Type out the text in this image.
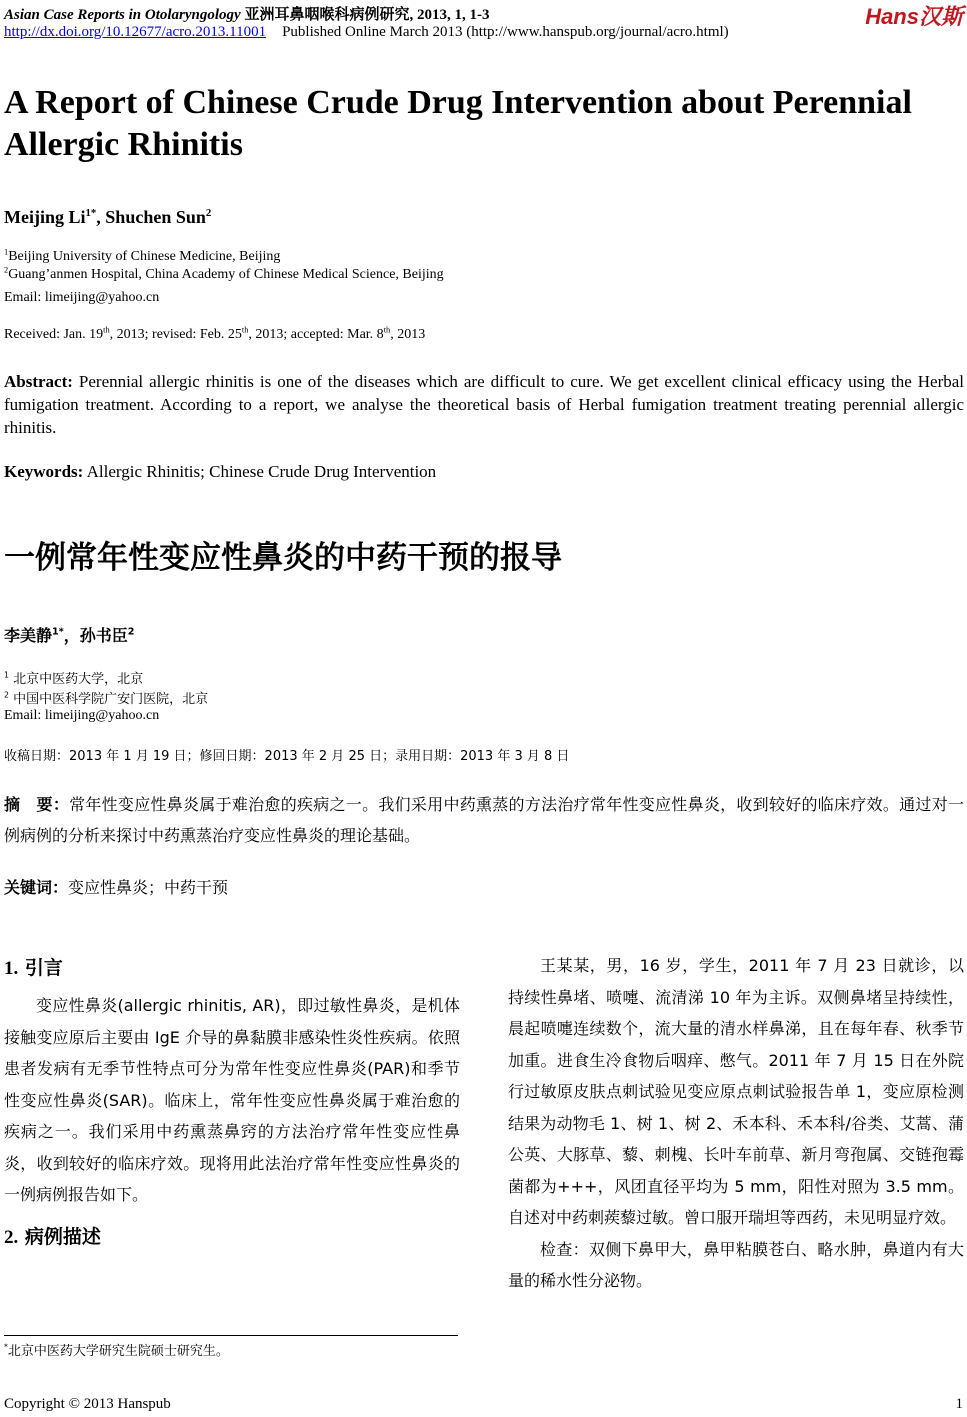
Asian Case Reports in Otolaryngology 亚洲耳鼻咽喉科病例研究, 2013, 1, 1-3	Hans汉斯
http://dx.doi.org/10.12677/acro.2013.11001 Published Online March 2013 (http://www.hanspub.org/journal/acro.html)
A Report of Chinese Crude Drug Intervention about Perennial Allergic Rhinitis
Meijing $Li^{1*}$, Shuchen Sun$^2$
$^1$Beijing University of Chinese Medicine, Beijing
$^2$Guang’anmen Hospital, China Academy of Chinese Medical Science, Beijing
Email: limeijing@yahoo.cn
Received: Jan. 19th, 2013; revised: Feb. 25th, 2013; accepted: Mar. 8th, 2013
Abstract: Perennial allergic rhinitis is one of the diseases which are difficult to cure. We get excellent clinical efficacy using the Herbal fumigation treatment. According to a report, we analyse the theoretical basis of Herbal fumigation treatment treating perennial allergic rhinitis.
Keywords: Allergic Rhinitis; Chinese Crude Drug Intervention
一例常年性变应性鼻炎的中药干预的报导
李美静$^{1*}$，孙书臣$^2$
$^1$ 北京中医药大学，北京
$^2$ 中国中医科学院广安门医院，北京
Email: limeijing@yahoo.cn
收稿日期：2013 年 1 月 19 日；修回日期：2013 年 2 月 25 日；录用日期：2013 年 3 月 8 日
摘　要：常年性变应性鼻炎属于难治愈的疾病之一。我们采用中药熏蒸的方法治疗常年性变应性鼻炎，收到较好的临床疗效。通过对一例病例的分析来探讨中药熏蒸治疗变应性鼻炎的理论基础。
关键词：变应性鼻炎；中药干预

1. 引言

变应性鼻炎(allergic rhinitis, AR)，即过敏性鼻炎，是机体接触变应原后主要由 IgE 介导的鼻黏膜非感染性炎性疾病。依照患者发病有无季节性特点可分为常年性变应性鼻炎(PAR)和季节性变应性鼻炎(SAR)。临床上，常年性变应性鼻炎属于难治愈的疾病之一。我们采用中药熏蒸鼻窍的方法治疗常年性变应性鼻炎，收到较好的临床疗效。现将用此法治疗常年性变应性鼻炎的一例病例报告如下。

2. 病例描述

王某某，男，16 岁，学生，2011 年 7 月 23 日就诊，以持续性鼻堵、喷嚏、流清涕 10 年为主诉。双侧鼻堵呈持续性，晨起喷嚏连续数个，流大量的清水样鼻涕，且在每年春、秋季节加重。进食生冷食物后咽痒、憋气。2011 年 7 月 15 日在外院行过敏原皮肤点刺试验见变应原点刺试验报告单 1，变应原检测结果为动物毛 1、树 1、树 2、禾本科、禾本科/谷类、艾蒿、蒲公英、大豚草、藜、刺槐、长叶车前草、新月弯孢属、交链孢霉菌都为+++，风团直径平均为 5 mm，阳性对照为 3.5 mm。自述对中药刺蒺藜过敏。曾口服开瑞坦等西药，未见明显疗效。

检查：双侧下鼻甲大，鼻甲粘膜苍白、略水肿，鼻道内有大量的稀水性分泌物。

*北京中医药大学研究生院硕士研究生。
Copyright © 2013 Hanspub	1
